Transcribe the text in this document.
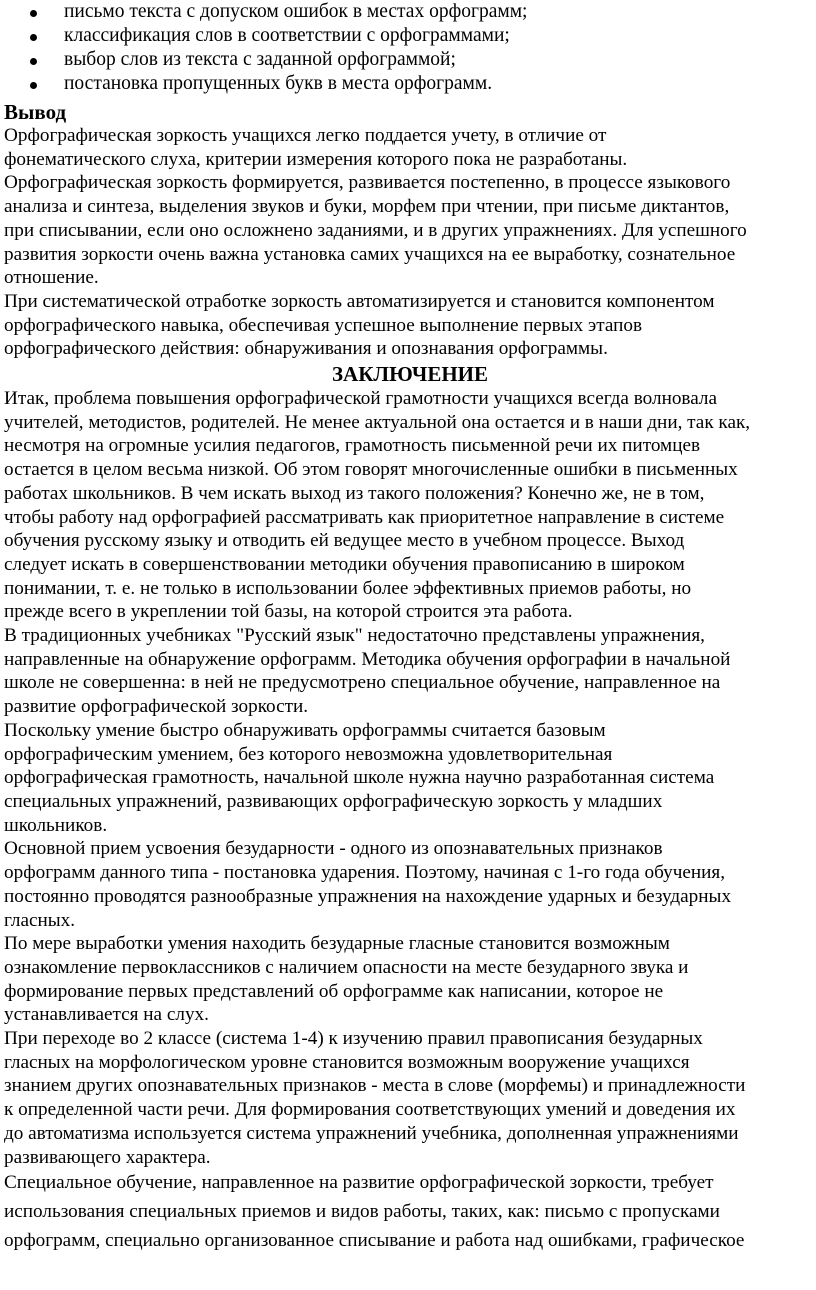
письмо текста с допуском ошибок в местах орфограмм;
классификация слов в соответствии с орфограммами;
выбор слов из текста с заданной орфограммой;
постановка пропущенных букв в места орфограмм.
Вывод

Орфографическая зоркость учащихся легко поддается учету, в отличие от
фонематического слуха, критерии измерения которого пока не разработаны.
Орфографическая зоркость формируется, развивается постепенно, в процессе языкового
анализа и синтеза, выделения звуков и буки, морфем при чтении, при письме диктантов,
при списывании, если оно осложнено заданиями, и в других упражнениях. Для успешного
развития зоркости очень важна установка самих учащихся на ее выработку, сознательное
отношение.

При систематической отработке зоркость автоматизируется и становится компонентом
орфографического навыка, обеспечивая успешное выполнение первых этапов
орфографического действия: обнаруживания и опознавания орфограммы.

ЗАКЛЮЧЕНИЕ

Итак, проблема повышения орфографической грамотности учащихся всегда волновала
учителей, методистов, родителей. Не менее актуальной она остается и в наши дни, так как,
несмотря на огромные усилия педагогов, грамотность письменной речи их питомцев
остается в целом весьма низкой. Об этом говорят многочисленные ошибки в письменных
работах школьников. В чем искать выход из такого положения? Конечно же, не в том,
чтобы работу над орфографией рассматривать как приоритетное направление в системе
обучения русскому языку и отводить ей ведущее место в учебном процессе. Выход
следует искать в совершенствовании методики обучения правописанию в широком
понимании, т. е. не только в использовании более эффективных приемов работы, но
прежде всего в укреплении той базы, на которой строится эта работа.

В традиционных учебниках "Русский язык" недостаточно представлены упражнения,
направленные на обнаружение орфограмм. Методика обучения орфографии в начальной
школе не совершенна: в ней не предусмотрено специальное обучение, направленное на
развитие орфографической зоркости.

Поскольку умение быстро обнаруживать орфограммы считается базовым
орфографическим умением, без которого невозможна удовлетворительная
орфографическая грамотность, начальной школе нужна научно разработанная система
специальных упражнений, развивающих орфографическую зоркость у младших
школьников.

Основной прием усвоения безударности - одного из опознавательных признаков
орфограмм данного типа - постановка ударения. Поэтому, начиная с 1-го года обучения,
постоянно проводятся разнообразные упражнения на нахождение ударных и безударных
гласных.

По мере выработки умения находить безударные гласные становится возможным
ознакомление первоклассников с наличием опасности на месте безударного звука и
формирование первых представлений об орфограмме как написании, которое не
устанавливается на слух.

При переходе во 2 классе (система 1-4) к изучению правил правописания безударных
гласных на морфологическом уровне становится возможным вооружение учащихся
знанием других опознавательных признаков - места в слове (морфемы) и принадлежности
к определенной части речи. Для формирования соответствующих умений и доведения их
до автоматизма используется система упражнений учебника, дополненная упражнениями
развивающего характера.

Специальное обучение, направленное на развитие орфографической зоркости, требует
использования специальных приемов и видов работы, таких, как: письмо с пропусками
орфограмм, специально организованное списывание и работа над ошибками, графическое
